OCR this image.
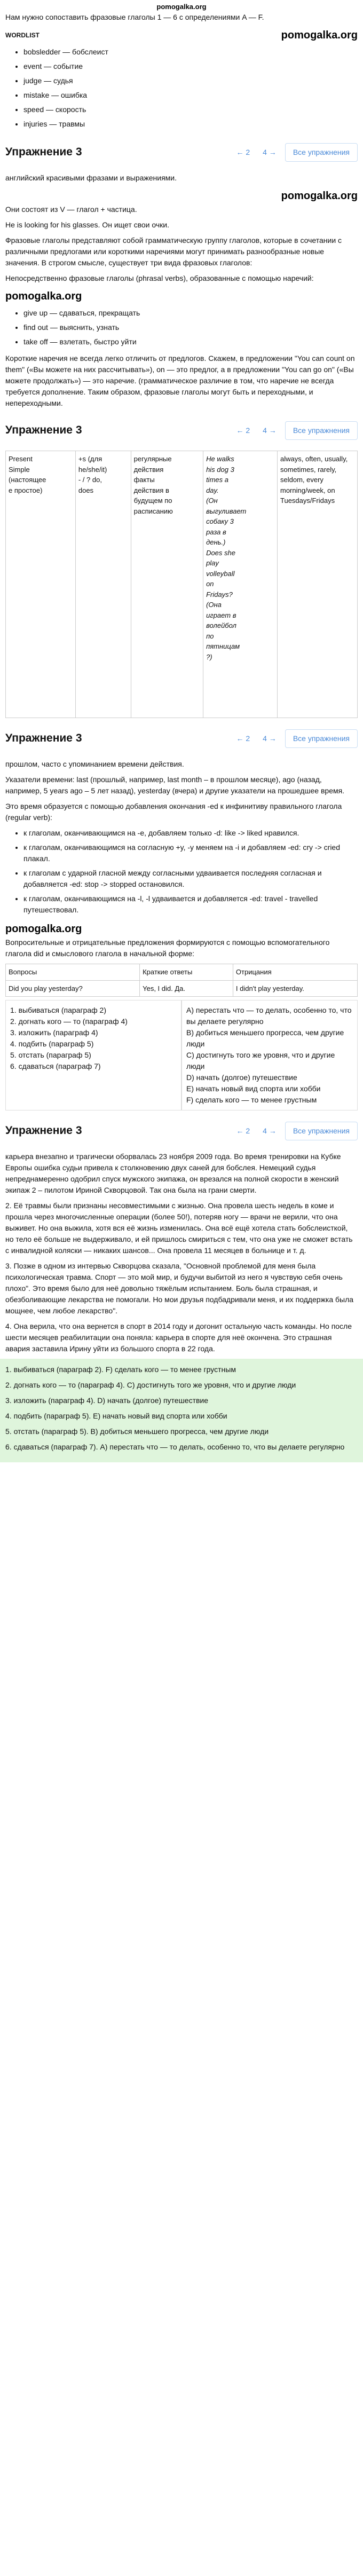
pomogalka.org

Нам нужно сопоставить фразовые глаголы 1 — 6 с определениями A — F.

WORDLIST	pomogalka.org
• bobsledder — бобслеист
• event — событие
• judge — судья
• mistake — ошибка
• speed — скорость
• injuries — травмы
Упражнение 3	← 2	4 →	Все упражнения

английский красивыми фразами и выражениями.

pomogalka.org

Они состоят из V — глагол + частица.

He is looking for his glasses. Он ищет свои очки.

Фразовые глаголы представляют собой грамматическую группу глаголов, которые в сочетании с различными предлогами или короткими наречиями могут принимать разнообразные новые значения. В строгом смысле, существует три вида фразовых глаголов:

Непосредственно фразовые глаголы (phrasal verbs), образованные с помощью наречий:

pomogalka.org
• give up — сдаваться, прекращать
• find out — выяснить, узнать
• take off — взлетать, быстро уйти

Короткие наречия не всегда легко отличить от предлогов. Скажем, в предложении "You can count on them" («Вы можете на них рассчитывать»), on — это предлог, а в предложении "You can go on" («Вы можете продолжать») — это наречие. (грамматическое различие в том, что наречие не всегда требуется дополнение. Таким образом, фразовые глаголы могут быть и переходными, и непереходными.

Упражнение 3	← 2	4 →	Все упражнения
Present
Simple
(настоящее
е простое)

+s (для
he/she/it)
- / ? do,
does

регулярные
действия
факты
действия в
будущем по
расписанию

He walks
his dog 3
times a
day.
(Он
выгуливает
собаку 3
раза в
день.)
Does she
play
volleyball
on
Fridays?
(Она
играет в
волейбол
по
пятницам
?)

always, often, usually, sometimes, rarely, seldom, every morning/week, on Tuesdays/Fridays
Упражнение 3	← 2	4 →	Все упражнения

прошлом, часто с упоминанием времени действия.

Указатели времени: last (прошлый, например, last month – в прошлом месяце), ago (назад, например, 5 years ago – 5 лет назад), yesterday (вчера) и другие указатели на прошедшее время.

Это время образуется с помощью добавления окончания -ed к инфинитиву правильного глагола (regular verb):

• к глаголам, оканчивающимся на -e, добавляем только -d: like -> liked нравился.
• к глаголам, оканчивающимся на согласную +y, -y меняем на -i и добавляем -ed: cry -> cried плакал.
• к глаголам с ударной гласной между согласными удваивается последняя согласная и добавляется -ed: stop -> stopped остановился.
• к глаголам, оканчивающимся на -l, -l удваивается и добавляется -ed: travel - travelled путешествовал.
pomogalka.org

Вопросительные и отрицательные предложения формируются с помощью вспомогательного глагола did и смыслового глагола в начальной форме:

Вопросы	Краткие ответы	Отрицания
Did you play yesterday?	Yes, I did. Да.	I didn't play yesterday.
1. выбиваться (параграф 2)
2. догнать кого — то (параграф 4)
3. изложить (параграф 4)
4. подбить (параграф 5)
5. отстать (параграф 5)
6. сдаваться (параграф 7)
A) перестать что — то делать, особенно то, что вы делаете регулярно
B) добиться меньшего прогресса, чем другие люди
C) достигнуть того же уровня, что и другие люди
D) начать (долгое) путешествие
E) начать новый вид спорта или хобби
F) сделать кого — то менее грустным
Упражнение 3	← 2	4 →	Все упражнения

карьера внезапно и трагически оборвалась 23 ноября 2009 года. Во время тренировки на Кубке Европы ошибка судьи привела к столкновению двух саней для бобслея. Немецкий судья непреднамеренно одобрил спуск мужского экипажа, он врезался на полной скорости в женский экипаж 2 – пилотом Ириной Скворцовой. Так она была на грани смерти.

2. Её травмы были признаны несовместимыми с жизнью. Она провела шесть недель в коме и прошла через многочисленные операции (более 50!), потеряв ногу — врачи не верили, что она выживет. Но она выжила, хотя вся её жизнь изменилась. Она всё ещё хотела стать бобслеисткой, но тело её больше не выдерживало, и ей пришлось смириться с тем, что она уже не сможет встать с инвалидной коляски — никаких шансов... Она провела 11 месяцев в больнице и т. д.

3. Позже в одном из интервью Скворцова сказала, "Основной проблемой для меня была психологическая травма. Спорт — это мой мир, и будучи выбитой из него я чувствую себя очень плохо". Это время было для неё довольно тяжёлым испытанием. Боль была страшная, и обезболивающие лекарства не помогали. Но мои друзья подбадривали меня, и их поддержка была мощнее, чем любое лекарство".

4. Она верила, что она вернется в спорт в 2014 году и догонит остальную часть команды. Но после шести месяцев реабилитации она поняла: карьера в спорте для неё окончена. Это страшная авария заставила Ирину уйти из большого спорта в 22 года.

1. выбиваться (параграф 2). F) сделать кого — то менее грустным

2. догнать кого — то (параграф 4). C) достигнуть того же уровня, что и другие люди

3. изложить (параграф 4). D) начать (долгое) путешествие

4. подбить (параграф 5). E) начать новый вид спорта или хобби

5. отстать (параграф 5). B) добиться меньшего прогресса, чем другие люди

6. сдаваться (параграф 7). A) перестать что — то делать, особенно то, что вы делаете регулярно
